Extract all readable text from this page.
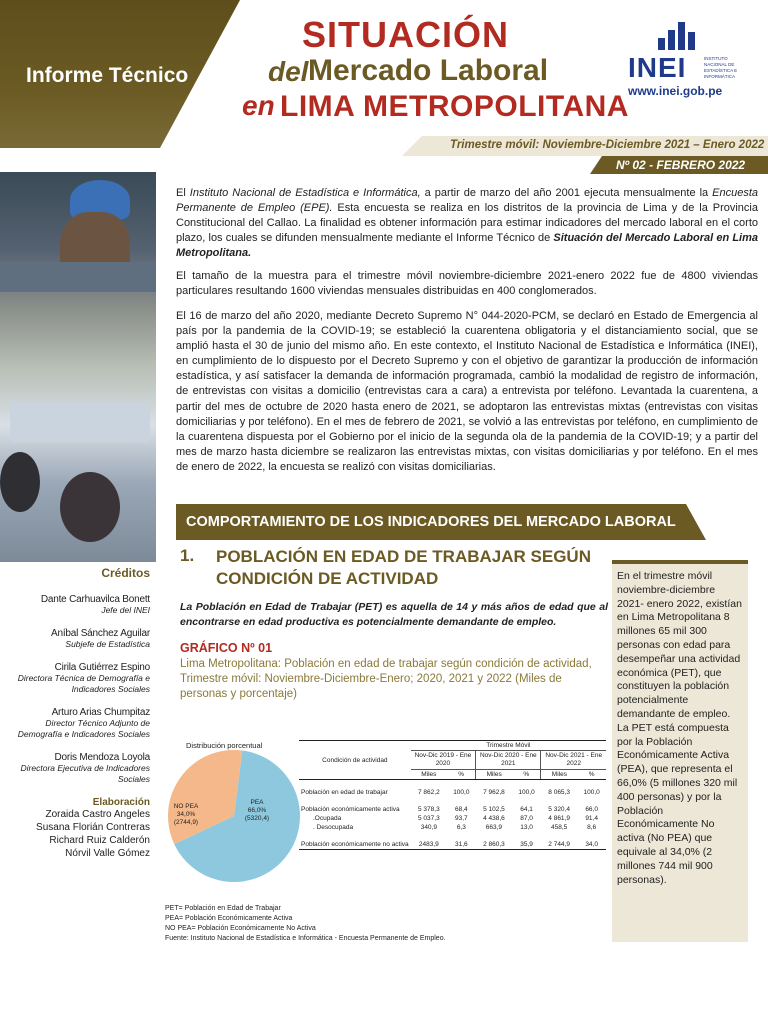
Informe Técnico
SITUACIÓN
del Mercado Laboral
en LIMA METROPOLITANA
INEI	INSTITUTO NACIONAL DE ESTADÍSTICA E INFORMÁTICA
www.inei.gob.pe
Trimestre móvil: Noviembre-Diciembre 2021 – Enero 2022
Nº 02 - FEBRERO 2022
Créditos
Dante Carhuavilca Bonett
Jefe del INEI
Aníbal Sánchez Aguilar
Subjefe de Estadística
Cirila Gutiérrez Espino
Directora Técnica de Demografía e Indicadores Sociales
Arturo Arias Chumpitaz
Director Técnico Adjunto de Demografía e Indicadores Sociales
Doris Mendoza Loyola
Directora Ejecutiva de Indicadores Sociales
Elaboración
Zoraida Castro Angeles
Susana Florián Contreras
Richard Ruiz Calderón
Nórvil Valle Gómez
El Instituto Nacional de Estadística e Informática, a partir de marzo del año 2001 ejecuta mensualmente la Encuesta Permanente de Empleo (EPE). Esta encuesta se realiza en los distritos de la provincia de Lima y de la Provincia Constitucional del Callao. La finalidad es obtener información para estimar indicadores del mercado laboral en el corto plazo, los cuales se difunden mensualmente mediante el Informe Técnico de Situación del Mercado Laboral en Lima Metropolitana.
El tamaño de la muestra para el trimestre móvil noviembre-diciembre 2021-enero 2022 fue de 4800 viviendas particulares resultando 1600 viviendas mensuales distribuidas en 400 conglomerados.
El 16 de marzo del año 2020, mediante Decreto Supremo N° 044-2020-PCM, se declaró en Estado de Emergencia al país por la pandemia de la COVID-19; se estableció la cuarentena obligatoria y el distanciamiento social, que se amplió hasta el 30 de junio del mismo año. En este contexto, el Instituto Nacional de Estadística e Informática (INEI), en cumplimiento de lo dispuesto por el Decreto Supremo y con el objetivo de garantizar la producción de información estadística, y así satisfacer la demanda de información programada, cambió la modalidad de registro de información, de entrevistas con visitas a domicilio (entrevistas cara a cara) a entrevista por teléfono. Levantada la cuarentena, a partir del mes de octubre de 2020 hasta enero de 2021, se adoptaron las entrevistas mixtas (entrevistas con visitas domiciliarias y por teléfono). En el mes de febrero de 2021, se volvió a las entrevistas por teléfono, en cumplimiento de la cuarentena dispuesta por el Gobierno por el inicio de la segunda ola de la pandemia de la COVID-19; y a partir del mes de marzo hasta diciembre se realizaron las entrevistas mixtas, con visitas domiciliarias y por teléfono. En el mes de enero de 2022, la encuesta se realizó con visitas domiciliarias.
COMPORTAMIENTO DE LOS INDICADORES DEL MERCADO LABORAL
1. POBLACIÓN EN EDAD DE TRABAJAR SEGÚN CONDICIÓN DE ACTIVIDAD
La Población en Edad de Trabajar (PET) es aquella de 14 y más años de edad que al encontrarse en edad productiva es potencialmente demandante de empleo.
GRÁFICO Nº 01
Lima Metropolitana: Población en edad de trabajar según condición de actividad, Trimestre móvil: Noviembre-Diciembre-Enero; 2020, 2021 y 2022 (Miles de personas y porcentaje)
En el trimestre móvil noviembre-diciembre 2021- enero 2022, existían en Lima Metropolitana 8 millones 65 mil 300 personas con edad para desempeñar una actividad económica (PET), que constituyen la población potencialmente demandante de empleo. La PET está compuesta por la Población Económicamente Activa (PEA), que representa el 66,0% (5 millones 320 mil 400 personas) y por la Población Económicamente No activa (No PEA) que equivale al 34,0% (2 millones 744 mil 900 personas).
Distribución porcentual
NO PEA
34,0%
(2744,9)
PEA
66,0%
(5320,4)
Condición de actividad	Trimestre Móvil					
	Nov-Dic 2019 - Ene 2020		Nov-Dic 2020 - Ene 2021		Nov-Dic 2021 - Ene 2022	
	Miles	%	Miles	%	Miles	%

Población en edad de trabajar	7 862,2	100,0	7 962,8	100,0	8 065,3	100,0

Población económicamente activa	5 378,3	68,4	5 102,5	64,1	5 320,4	66,0
.Ocupada	5 037,3	93,7	4 438,6	87,0	4 861,9	91,4
. Desocupada	340,9	6,3	663,9	13,0	458,5	8,6

Población económicamente no activa	2483,9	31,6	2 860,3	35,9	2 744,9	34,0
PET= Población en Edad de Trabajar
PEA= Población Económicamente Activa
NO PEA= Población Económicamente No Activa
Fuente: Instituto Nacional de Estadística e Informática - Encuesta Permanente de Empleo.
